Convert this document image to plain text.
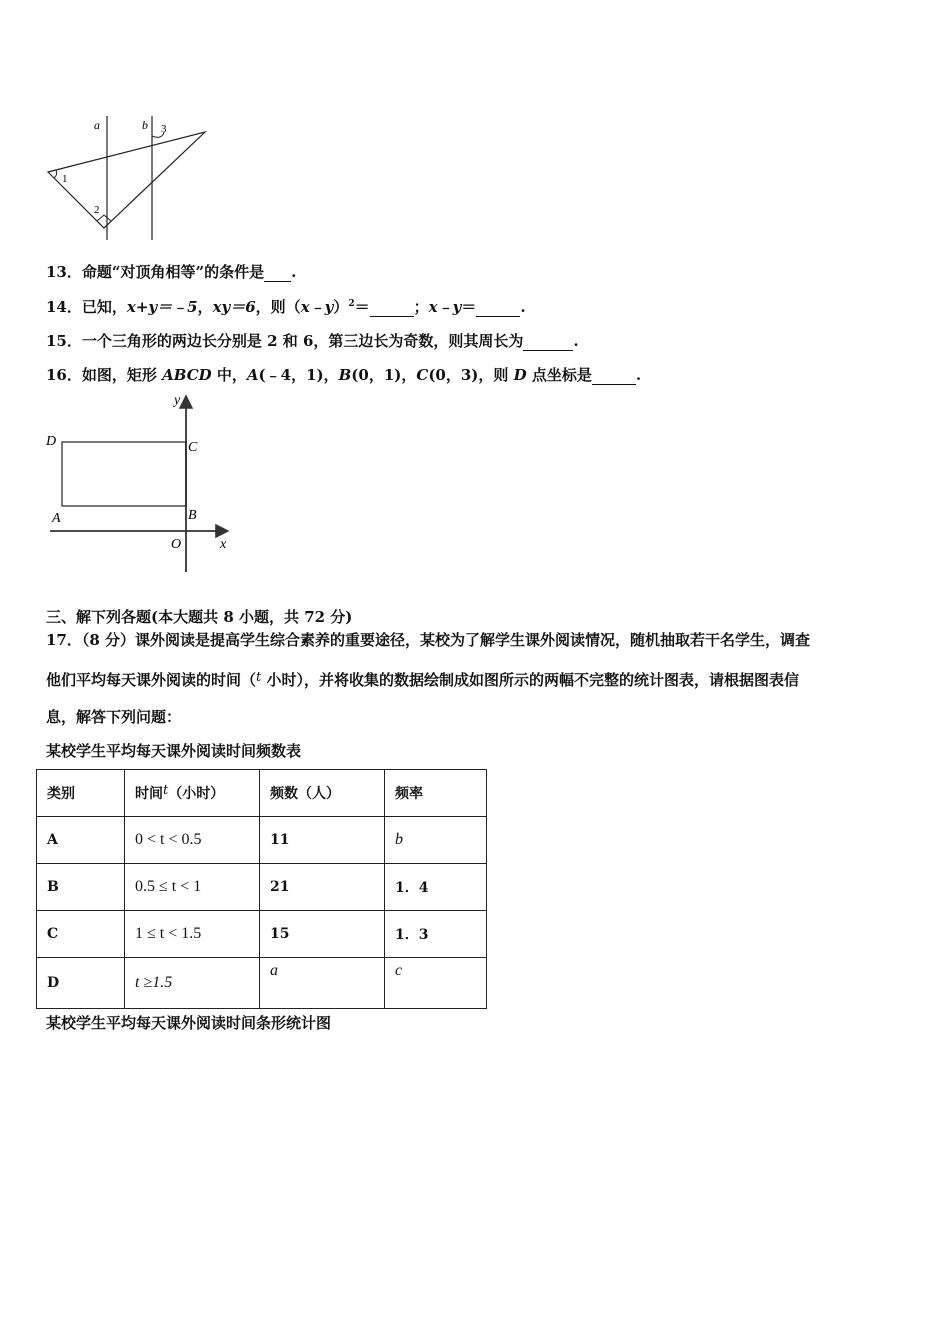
a	b 3
1
2
13．命题“对顶角相等”的条件是 .
14．已知，x+y＝﹣5，xy＝6，则（x﹣y）$^2$＝	；x﹣y＝	.
15．一个三角形的两边长分别是 2 和 6，第三边长为奇数，则其周长为	.
16．如图，矩形 ABCD 中，A(﹣4，1)，B(0，1)，C(0，3)，则 D 点坐标是	.
y
x
O
D	C
A	B
三、解下列各题(本大题共 8 小题，共 72 分)
17．（8 分）课外阅读是提高学生综合素养的重要途径，某校为了解学生课外阅读情况，随机抽取若干名学生，调查
他们平均每天课外阅读的时间（t 小时），并将收集的数据绘制成如图所示的两幅不完整的统计图表，请根据图表信
息，解答下列问题：
某校学生平均每天课外阅读时间频数表
类别	时间t（小时）	频数（人）	频率
A	0 < t < 0.5	11	b
B	0.5 ≤ t < 1	21	1．4
C	1 ≤ t < 1.5	15	1．3
D	t ≥1.5	a	c
某校学生平均每天课外阅读时间条形统计图
